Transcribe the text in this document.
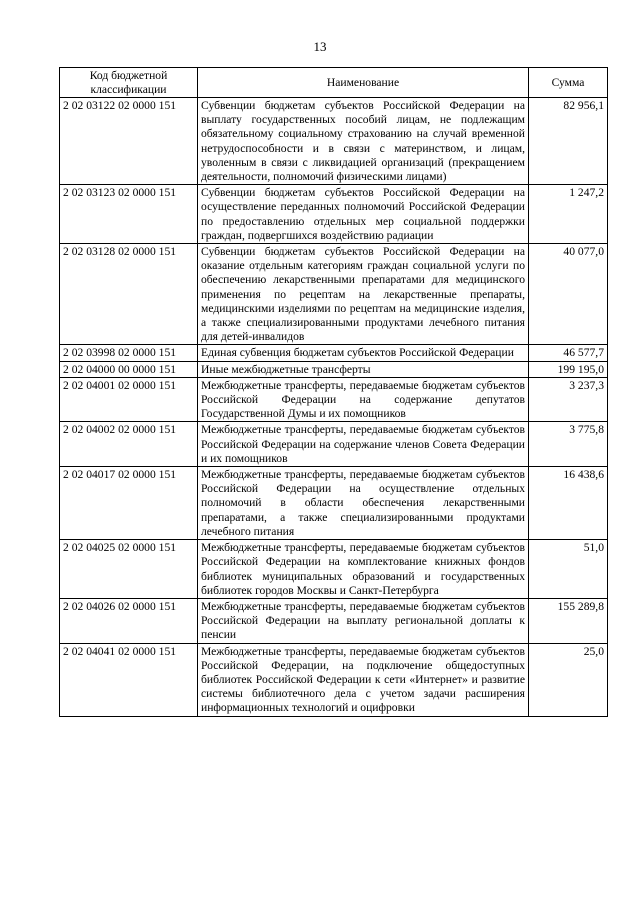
13
Код бюджетной классификации	Наименование	Сумма
2 02 03122 02 0000 151	Субвенции бюджетам субъектов Российской Федерации на выплату государственных пособий лицам, не подлежащим обязательному социальному страхованию на случай временной нетрудоспособности и в связи с материнством, и лицам, уволенным в связи с ликвидацией организаций (прекращением деятельности, полномочий физическими лицами)	82 956,1
2 02 03123 02 0000 151	Субвенции бюджетам субъектов Российской Федерации на осуществление переданных полномочий Российской Федерации по предоставлению отдельных мер социальной поддержки граждан, подвергшихся воздействию радиации	1 247,2
2 02 03128 02 0000 151	Субвенции бюджетам субъектов Российской Федерации на оказание отдельным категориям граждан социальной услуги по обеспечению лекарственными препаратами для медицинского применения по рецептам на лекарственные препараты, медицинскими изделиями по рецептам на медицинские изделия, а также специализированными продуктами лечебного питания для детей-инвалидов	40 077,0
2 02 03998 02 0000 151	Единая субвенция бюджетам субъектов Российской Федерации	46 577,7
2 02 04000 00 0000 151	Иные межбюджетные трансферты	199 195,0
2 02 04001 02 0000 151	Межбюджетные трансферты, передаваемые бюджетам субъектов Российской Федерации на содержание депутатов Государственной Думы и их помощников	3 237,3
2 02 04002 02 0000 151	Межбюджетные трансферты, передаваемые бюджетам субъектов Российской Федерации на содержание членов Совета Федерации и их помощников	3 775,8
2 02 04017 02 0000 151	Межбюджетные трансферты, передаваемые бюджетам субъектов Российской Федерации на осуществление отдельных полномочий в области обеспечения лекарственными препаратами, а также специализированными продуктами лечебного питания	16 438,6
2 02 04025 02 0000 151	Межбюджетные трансферты, передаваемые бюджетам субъектов Российской Федерации на комплектование книжных фондов библиотек муниципальных образований и государственных библиотек городов Москвы и Санкт-Петербурга	51,0
2 02 04026 02 0000 151	Межбюджетные трансферты, передаваемые бюджетам субъектов Российской Федерации на выплату региональной доплаты к пенсии	155 289,8
2 02 04041 02 0000 151	Межбюджетные трансферты, передаваемые бюджетам субъектов Российской Федерации, на подключение общедоступных библиотек Российской Федерации к сети «Интернет» и развитие системы библиотечного дела с учетом задачи расширения информационных технологий и оцифровки	25,0
